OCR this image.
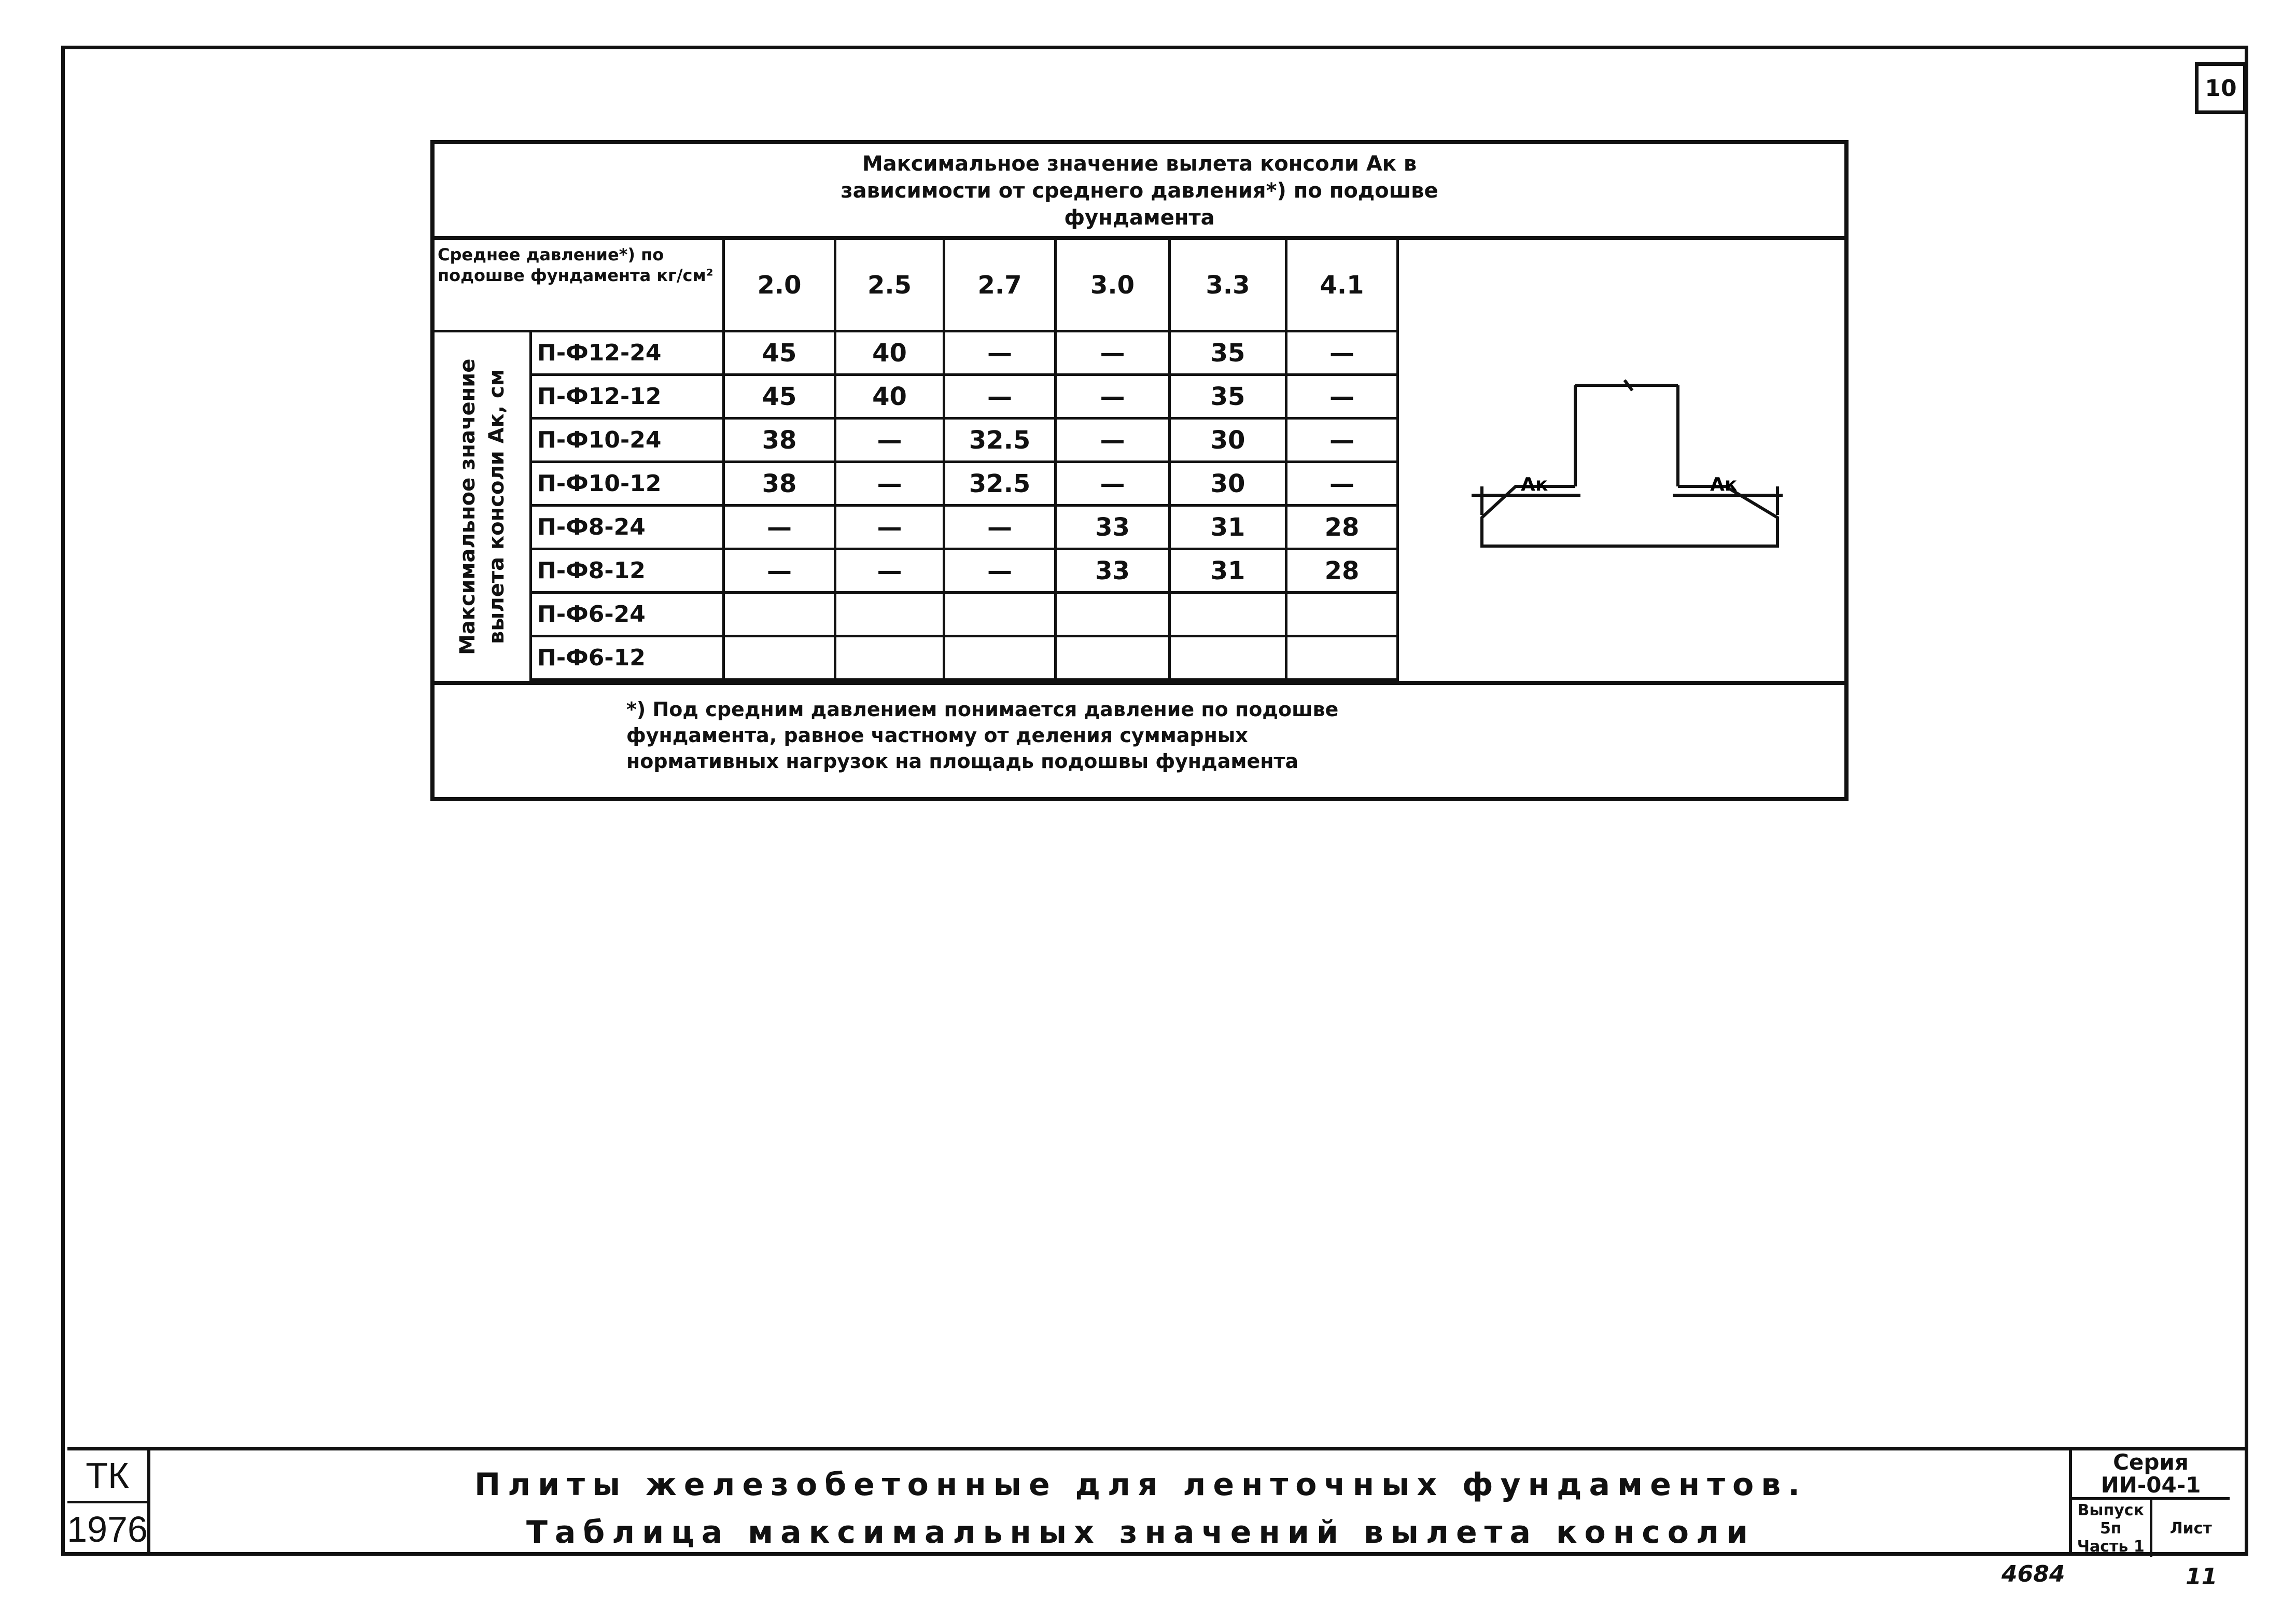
10
Максимальное значение вылета консоли Ак в
зависимости от среднего давления*) по подошве
фундамента
Среднее давление*) по подошве фундамента кг/см²
Максимальное значение вылета консоли Ак, см
2.0	2.5	2.7	3.0	3.3	4.1
П-Ф12-24	45	40	—	—	35	—
П-Ф12-12	45	40	—	—	35	—
П-Ф10-24	38	—	32.5	—	30	—
П-Ф10-12	38	—	32.5	—	30	—
П-Ф8-24	—	—	—	33	31	28
П-Ф8-12	—	—	—	33	31	28
П-Ф6-24
П-Ф6-12
Ак	Ак
*) Под средним давлением понимается давление по подошве
фундамента, равное частному от деления суммарных
нормативных нагрузок на площадь подошвы фундамента
ТК
1976
Плиты железобетонные для ленточных фундаментов.
Таблица максимальных значений вылета консоли
Серия
ИИ-04-1
Выпуск 5п Часть 1
Лист
4684	11
